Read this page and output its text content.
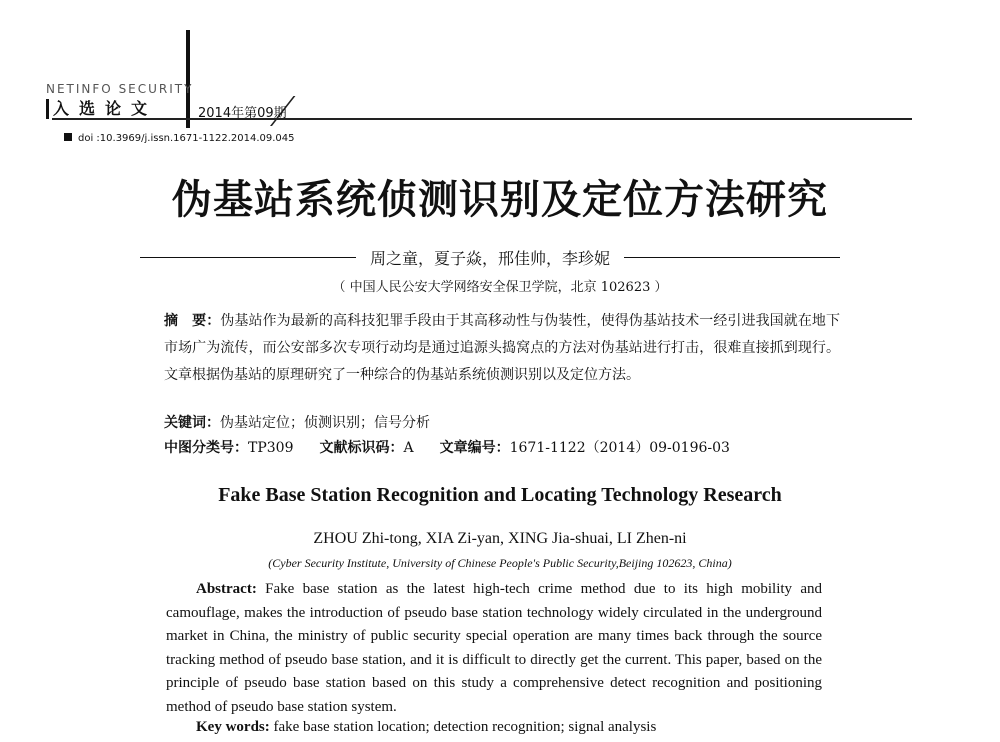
NETINFO SECURITY
入选论文	2014年第09期
doi :10.3969/j.issn.1671-1122.2014.09.045
伪基站系统侦测识别及定位方法研究
周之童，夏子焱，邢佳帅，李珍妮
（ 中国人民公安大学网络安全保卫学院，北京 102623 ）
摘　要：伪基站作为最新的高科技犯罪手段由于其高移动性与伪装性，使得伪基站技术一经引进我国就在地下市场广为流传，而公安部多次专项行动均是通过追源头捣窝点的方法对伪基站进行打击，很难直接抓到现行。文章根据伪基站的原理研究了一种综合的伪基站系统侦测识别以及定位方法。
关键词：伪基站定位；侦测识别；信号分析
中图分类号：TP309 文献标识码：A 文章编号：1671-1122（2014）09-0196-03
Fake Base Station Recognition and Locating Technology Research
ZHOU Zhi-tong, XIA Zi-yan, XING Jia-shuai, LI Zhen-ni
(Cyber Security Institute, University of Chinese People's Public Security,Beijing 102623, China)
Abstract: Fake base station as the latest high-tech crime method due to its high mobility and camouflage, makes the introduction of pseudo base station technology widely circulated in the underground market in China, the ministry of public security special operation are many times back through the source tracking method of pseudo base station, and it is difficult to directly get the current. This paper, based on the principle of pseudo base station based on this study a comprehensive detect recognition and positioning method of pseudo base station system.
Key words: fake base station location; detection recognition; signal analysis
